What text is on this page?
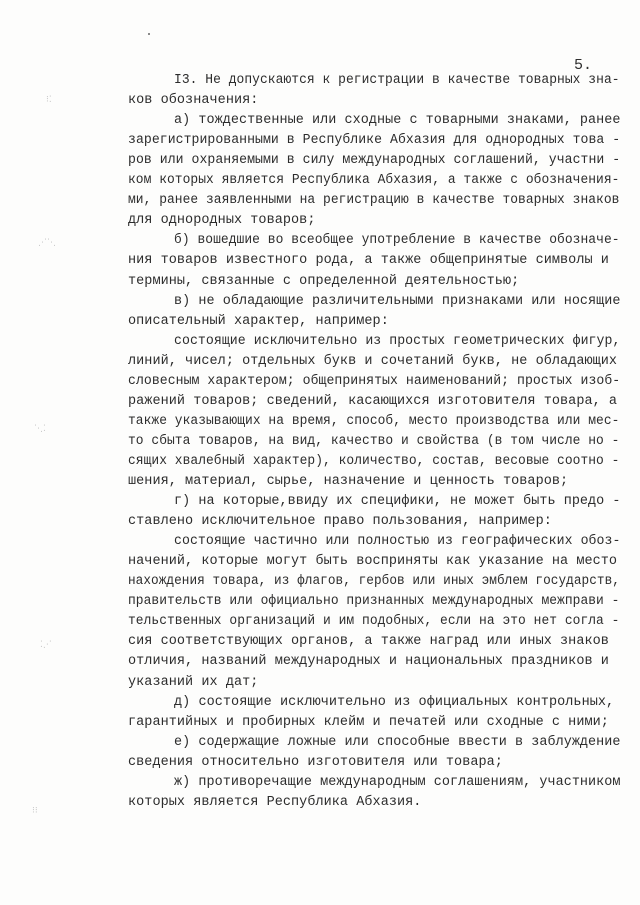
⁝⁚
⋰⋱
⋱⁚
⁚⋰
⁝⁝
5.
I3. Не допускаются к регистрации в качестве товарных зна-
ков обозначения:
а) тождественные или сходные с товарными знаками, ранее
зарегистрированными в Республике Абхазия для однородных това -
ров или охраняемыми в силу международных соглашений, участни -
ком которых является Республика Абхазия, а также с обозначения-
ми, ранее заявленными на регистрацию в качестве товарных знаков
для однородных товаров;
б) вошедшие во всеобщее употребление в качестве обозначе-
ния товаров известного рода, а также общепринятые символы и
термины, связанные с определенной деятельностью;
в) не обладающие различительными признаками или носящие
описательный характер, например:
состоящие исключительно из простых геометрических фигур,
линий, чисел; отдельных букв и сочетаний букв, не обладающих
словесным характером; общепринятых наименований; простых изоб-
ражений товаров; сведений, касающихся изготовителя товара, а
также указывающих на время, способ, место производства или мес-
то сбыта товаров, на вид, качество и свойства (в том числе но -
сящих хвалебный характер), количество, состав, весовые соотно -
шения, материал, сырье, назначение и ценность товаров;
г) на которые,ввиду их специфики, не может быть предо -
ставлено исключительное право пользования, например:
состоящие частично или полностью из географических обоз-
начений, которые могут быть восприняты как указание на место
нахождения товара, из флагов, гербов или иных эмблем государств,
правительств или официально признанных международных межправи -
тельственных организаций и им подобных, если на это нет согла -
сия соответствующих органов, а также наград или иных знаков
отличия, названий международных и национальных праздников и
указаний их дат;
д) состоящие исключительно из официальных контрольных,
гарантийных и пробирных клейм и печатей или сходные с ними;
е) содержащие ложные или способные ввести в заблуждение
сведения относительно изготовителя или товара;
ж) противоречащие международным соглашениям, участником
которых является Республика Абхазия.
